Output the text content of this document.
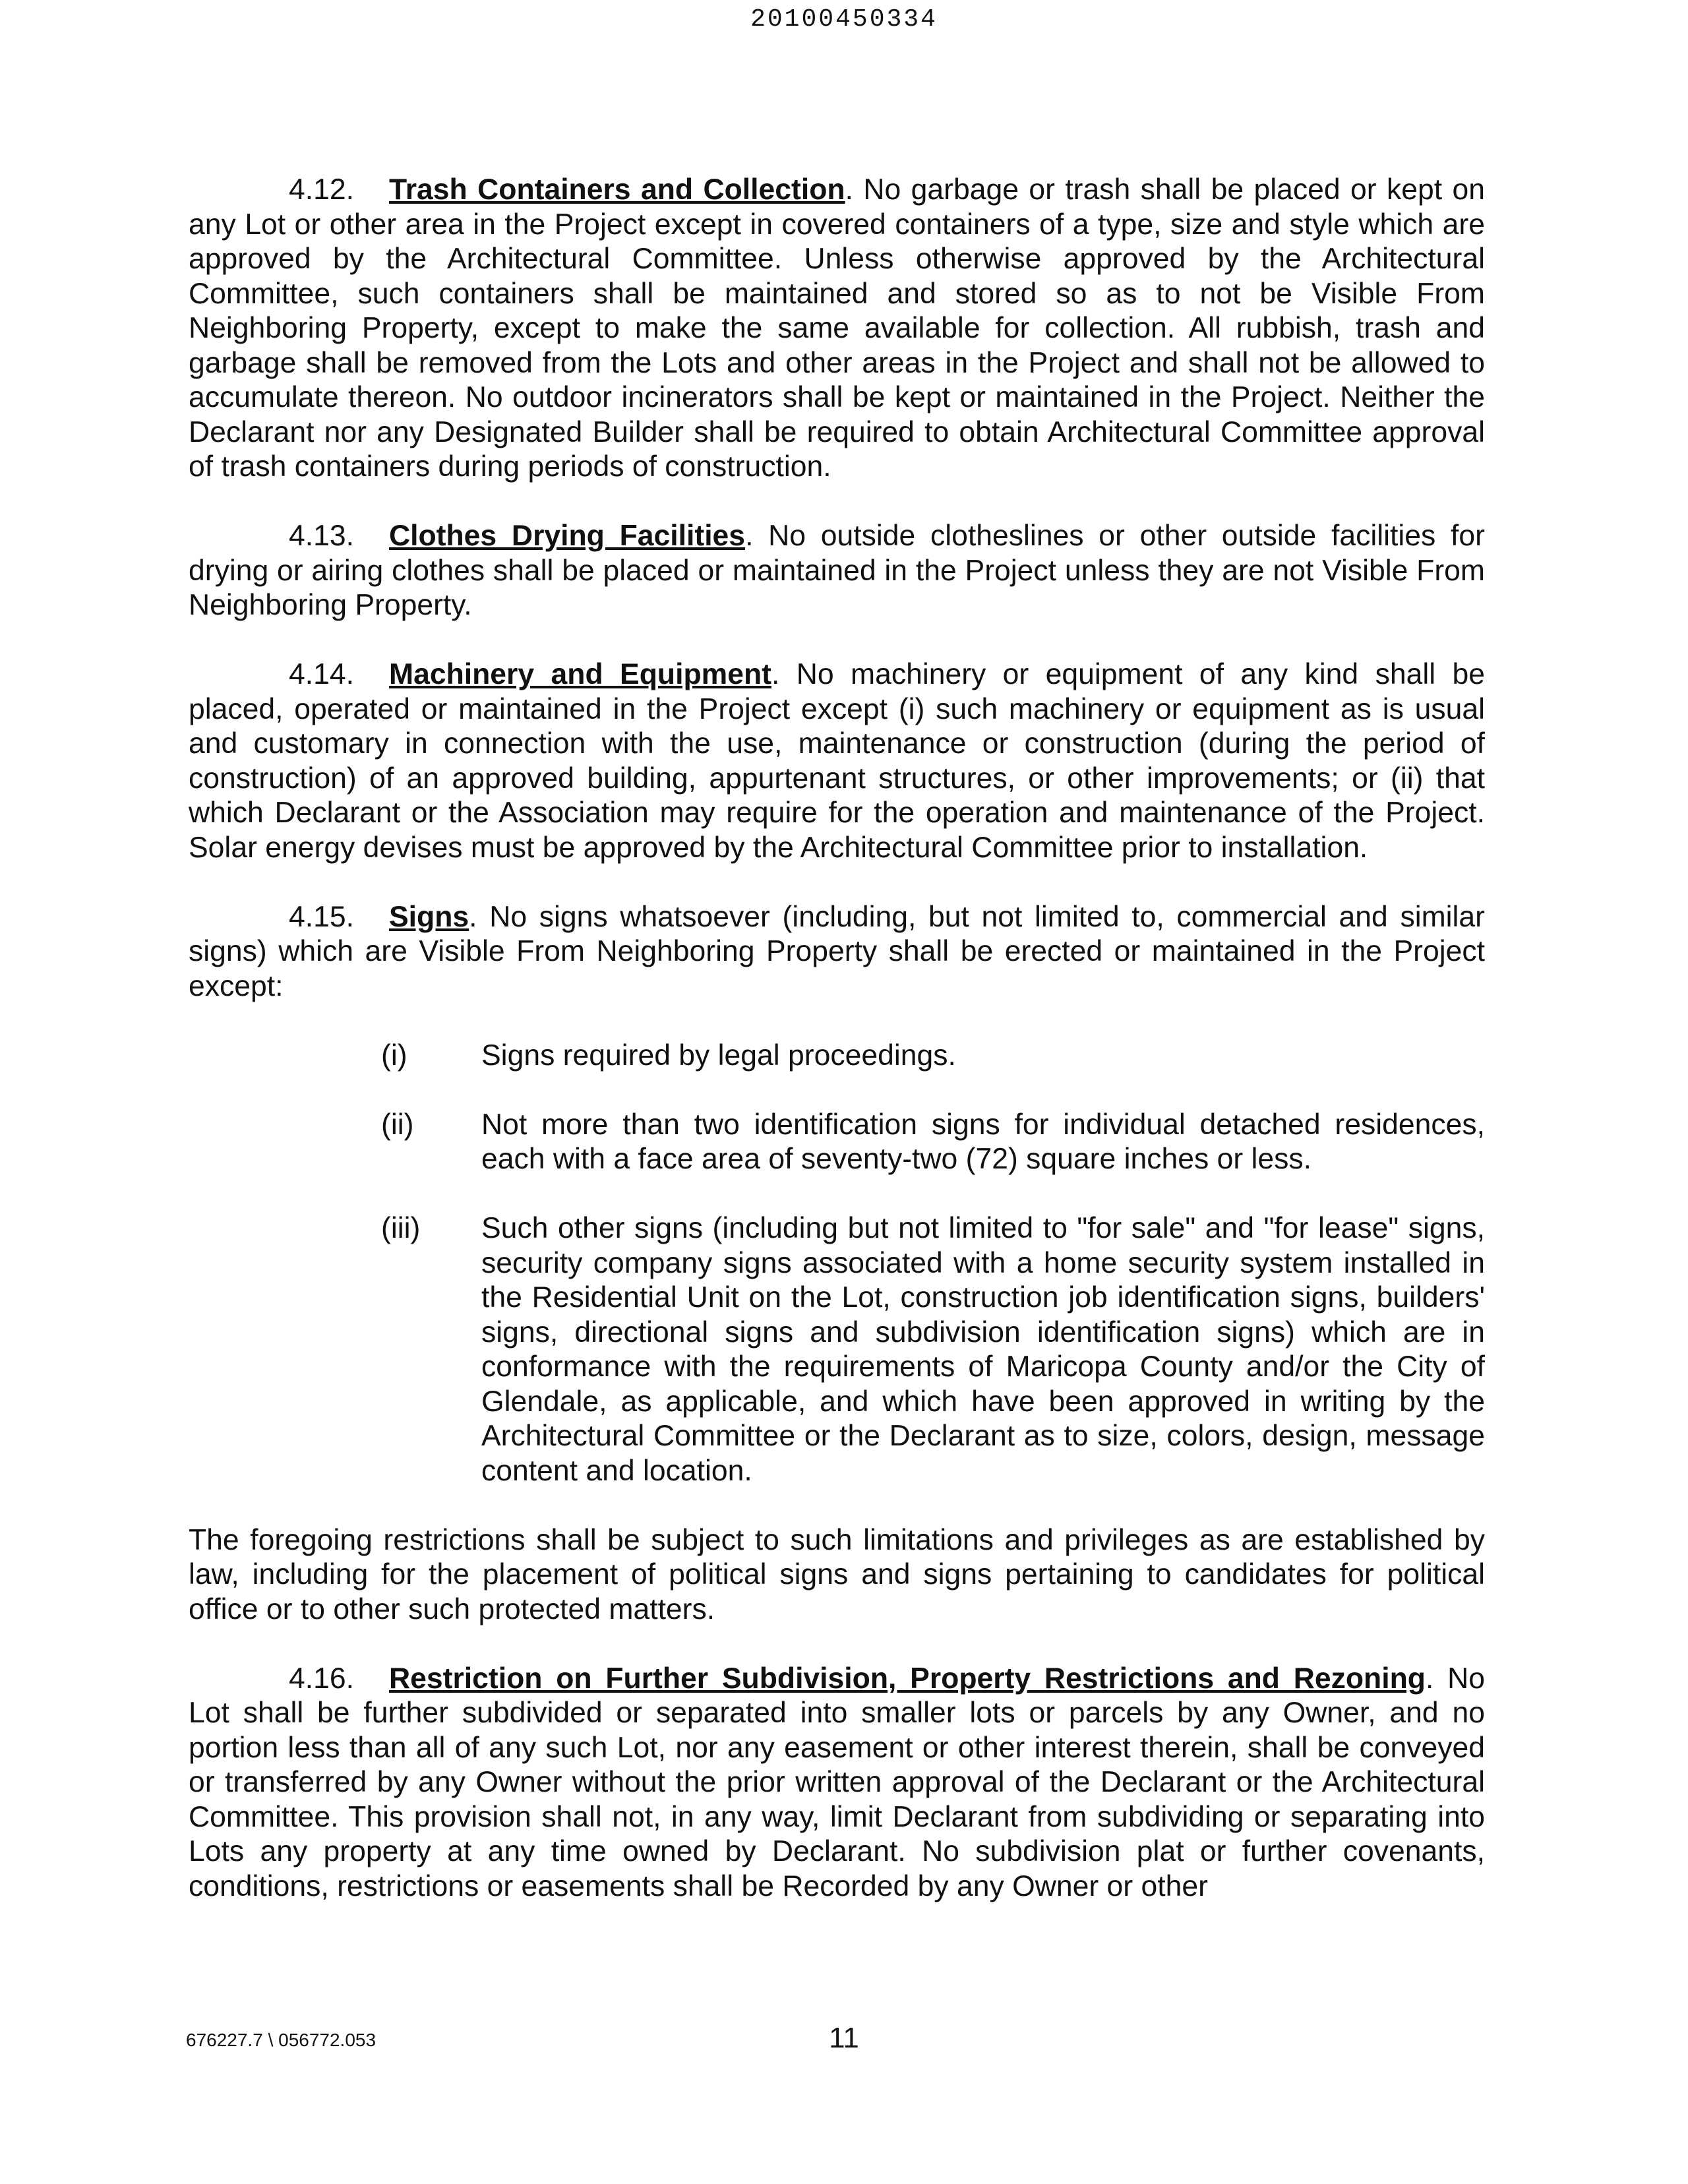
20100450334

4.12. Trash Containers and Collection. No garbage or trash shall be placed or kept on any Lot or other area in the Project except in covered containers of a type, size and style which are approved by the Architectural Committee. Unless otherwise approved by the Architectural Committee, such containers shall be maintained and stored so as to not be Visible From Neighboring Property, except to make the same available for collection. All rubbish, trash and garbage shall be removed from the Lots and other areas in the Project and shall not be allowed to accumulate thereon. No outdoor incinerators shall be kept or maintained in the Project. Neither the Declarant nor any Designated Builder shall be required to obtain Architectural Committee approval of trash containers during periods of construction.

4.13. Clothes Drying Facilities. No outside clotheslines or other outside facilities for drying or airing clothes shall be placed or maintained in the Project unless they are not Visible From Neighboring Property.

4.14. Machinery and Equipment. No machinery or equipment of any kind shall be placed, operated or maintained in the Project except (i) such machinery or equipment as is usual and customary in connection with the use, maintenance or construction (during the period of construction) of an approved building, appurtenant structures, or other improvements; or (ii) that which Declarant or the Association may require for the operation and maintenance of the Project. Solar energy devises must be approved by the Architectural Committee prior to installation.

4.15. Signs. No signs whatsoever (including, but not limited to, commercial and similar signs) which are Visible From Neighboring Property shall be erected or maintained in the Project except:

(i)	Signs required by legal proceedings.
(ii)	Not more than two identification signs for individual detached residences, each with a face area of seventy-two (72) square inches or less.
(iii)	Such other signs (including but not limited to "for sale" and "for lease" signs, security company signs associated with a home security system installed in the Residential Unit on the Lot, construction job identification signs, builders' signs, directional signs and subdivision identification signs) which are in conformance with the requirements of Maricopa County and/or the City of Glendale, as applicable, and which have been approved in writing by the Architectural Committee or the Declarant as to size, colors, design, message content and location.

The foregoing restrictions shall be subject to such limitations and privileges as are established by law, including for the placement of political signs and signs pertaining to candidates for political office or to other such protected matters.

4.16. Restriction on Further Subdivision, Property Restrictions and Rezoning. No Lot shall be further subdivided or separated into smaller lots or parcels by any Owner, and no portion less than all of any such Lot, nor any easement or other interest therein, shall be conveyed or transferred by any Owner without the prior written approval of the Declarant or the Architectural Committee. This provision shall not, in any way, limit Declarant from subdividing or separating into Lots any property at any time owned by Declarant. No subdivision plat or further covenants, conditions, restrictions or easements shall be Recorded by any Owner or other

676227.7 \ 056772.053	11
